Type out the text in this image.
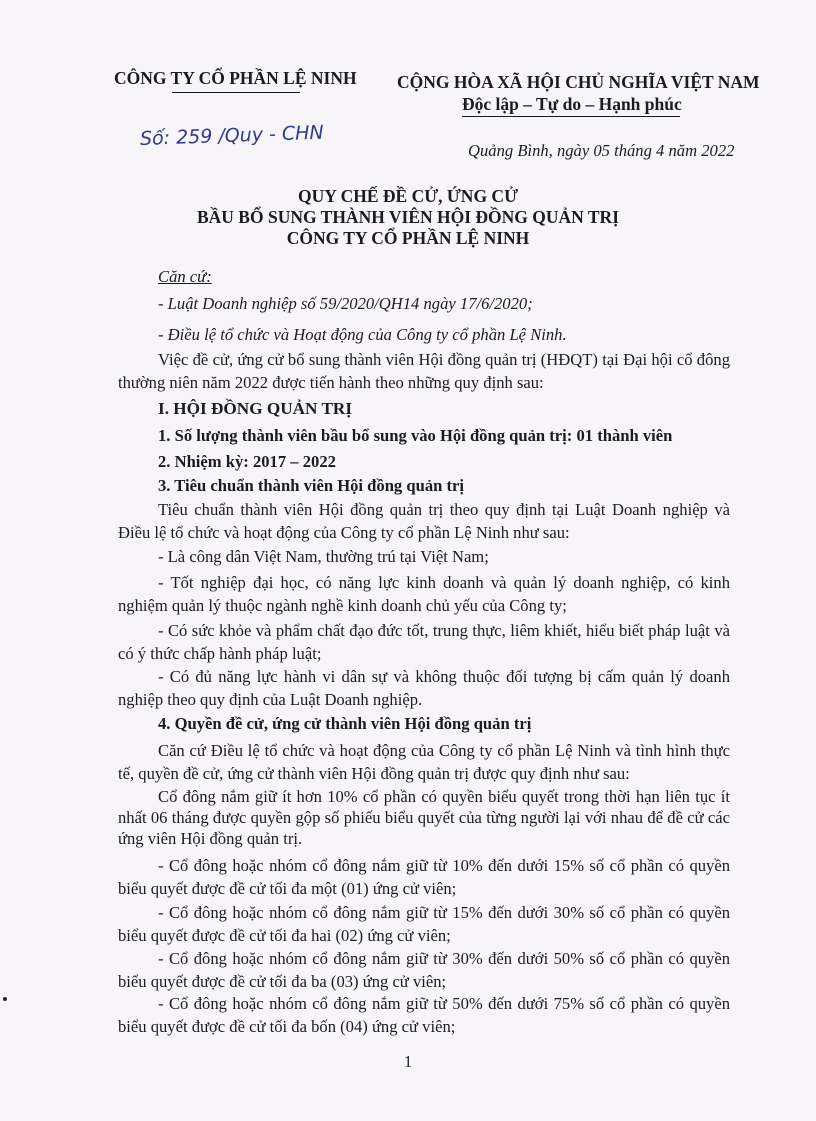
CÔNG TY CỔ PHẦN LỆ NINH CỘNG HÒA XÃ HỘI CHỦ NGHĨA VIỆT NAM
Độc lập – Tự do – Hạnh phúc
Số: 259 /Quy - CHN
Quảng Bình, ngày 05 tháng 4 năm 2022
QUY CHẾ ĐỀ CỬ, ỨNG CỬ
BẦU BỔ SUNG THÀNH VIÊN HỘI ĐỒNG QUẢN TRỊ
CÔNG TY CỔ PHẦN LỆ NINH
Căn cứ:
- Luật Doanh nghiệp số 59/2020/QH14 ngày 17/6/2020;
- Điều lệ tổ chức và Hoạt động của Công ty cổ phần Lệ Ninh.
Việc đề cử, ứng cử bổ sung thành viên Hội đồng quản trị (HĐQT) tại Đại hội cổ đông thường niên năm 2022 được tiến hành theo những quy định sau:
I. HỘI ĐỒNG QUẢN TRỊ
1. Số lượng thành viên bầu bổ sung vào Hội đồng quản trị: 01 thành viên
2. Nhiệm kỳ: 2017 – 2022
3. Tiêu chuẩn thành viên Hội đồng quản trị
Tiêu chuẩn thành viên Hội đồng quản trị theo quy định tại Luật Doanh nghiệp và Điều lệ tổ chức và hoạt động của Công ty cổ phần Lệ Ninh như sau:
- Là công dân Việt Nam, thường trú tại Việt Nam;
- Tốt nghiệp đại học, có năng lực kinh doanh và quản lý doanh nghiệp, có kinh nghiệm quản lý thuộc ngành nghề kinh doanh chủ yếu của Công ty;
- Có sức khỏe và phẩm chất đạo đức tốt, trung thực, liêm khiết, hiểu biết pháp luật và có ý thức chấp hành pháp luật;
- Có đủ năng lực hành vi dân sự và không thuộc đối tượng bị cấm quản lý doanh nghiệp theo quy định của Luật Doanh nghiệp.
4. Quyền đề cử, ứng cử thành viên Hội đồng quản trị
Căn cứ Điều lệ tổ chức và hoạt động của Công ty cổ phần Lệ Ninh và tình hình thực tế, quyền đề cử, ứng cử thành viên Hội đồng quản trị được quy định như sau:
Cổ đông nắm giữ ít hơn 10% cổ phần có quyền biểu quyết trong thời hạn liên tục ít nhất 06 tháng được quyền gộp số phiếu biểu quyết của từng người lại với nhau để đề cử các ứng viên Hội đồng quản trị.
- Cổ đông hoặc nhóm cổ đông nắm giữ từ 10% đến dưới 15% số cổ phần có quyền biểu quyết được đề cử tối đa một (01) ứng cử viên;
- Cổ đông hoặc nhóm cổ đông nắm giữ từ 15% đến dưới 30% số cổ phần có quyền biểu quyết được đề cử tối đa hai (02) ứng cử viên;
- Cổ đông hoặc nhóm cổ đông nắm giữ từ 30% đến dưới 50% số cổ phần có quyền biểu quyết được đề cử tối đa ba (03) ứng cử viên;
- Cổ đông hoặc nhóm cổ đông nắm giữ từ 50% đến dưới 75% số cổ phần có quyền biểu quyết được đề cử tối đa bốn (04) ứng cử viên;
1
